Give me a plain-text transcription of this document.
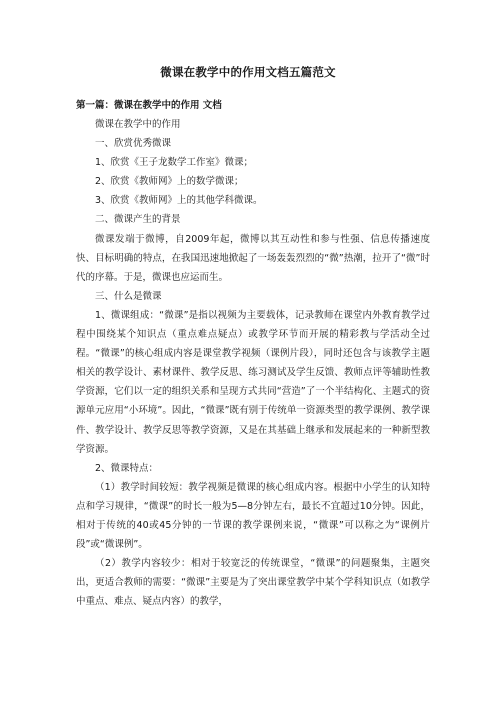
微课在教学中的作用文档五篇范文

第一篇：微课在教学中的作用 文档

微课在教学中的作用

一、欣赏优秀微课

1、欣赏《王子龙数学工作室》微课；

2、欣赏《教师网》上的数学微课；

3、欣赏《教师网》上的其他学科微课。

二、微课产生的背景

微课发端于微博，自2009年起，微博以其互动性和参与性强、信息传播速度快、目标明确的特点，在我国迅速地掀起了一场轰轰烈烈的“微”热潮，拉开了“微”时代的序幕。于是，微课也应运而生。

三、什么是微课

1、微课组成：“微课”是指以视频为主要载体，记录教师在课堂内外教育教学过程中围绕某个知识点（重点难点疑点）或教学环节而开展的精彩教与学活动全过程。“微课”的核心组成内容是课堂教学视频（课例片段），同时还包含与该教学主题相关的教学设计、素材课件、教学反思、练习测试及学生反馈、教师点评等辅助性教学资源，它们以一定的组织关系和呈现方式共同“营造”了一个半结构化、主题式的资源单元应用“小环境”。因此，“微课”既有别于传统单一资源类型的教学课例、教学课件、教学设计、教学反思等教学资源，又是在其基础上继承和发展起来的一种新型教学资源。

2、微课特点：

（1）教学时间较短：教学视频是微课的核心组成内容。根据中小学生的认知特点和学习规律，“微课”的时长一般为5—8分钟左右，最长不宜超过10分钟。因此，相对于传统的40或45分钟的一节课的教学课例来说，“微课”可以称之为“课例片段”或“微课例”。

（2）教学内容较少：相对于较宽泛的传统课堂，“微课”的问题聚集，主题突出，更适合教师的需要：“微课”主要是为了突出课堂教学中某个学科知识点（如教学中重点、难点、疑点内容）的教学，
